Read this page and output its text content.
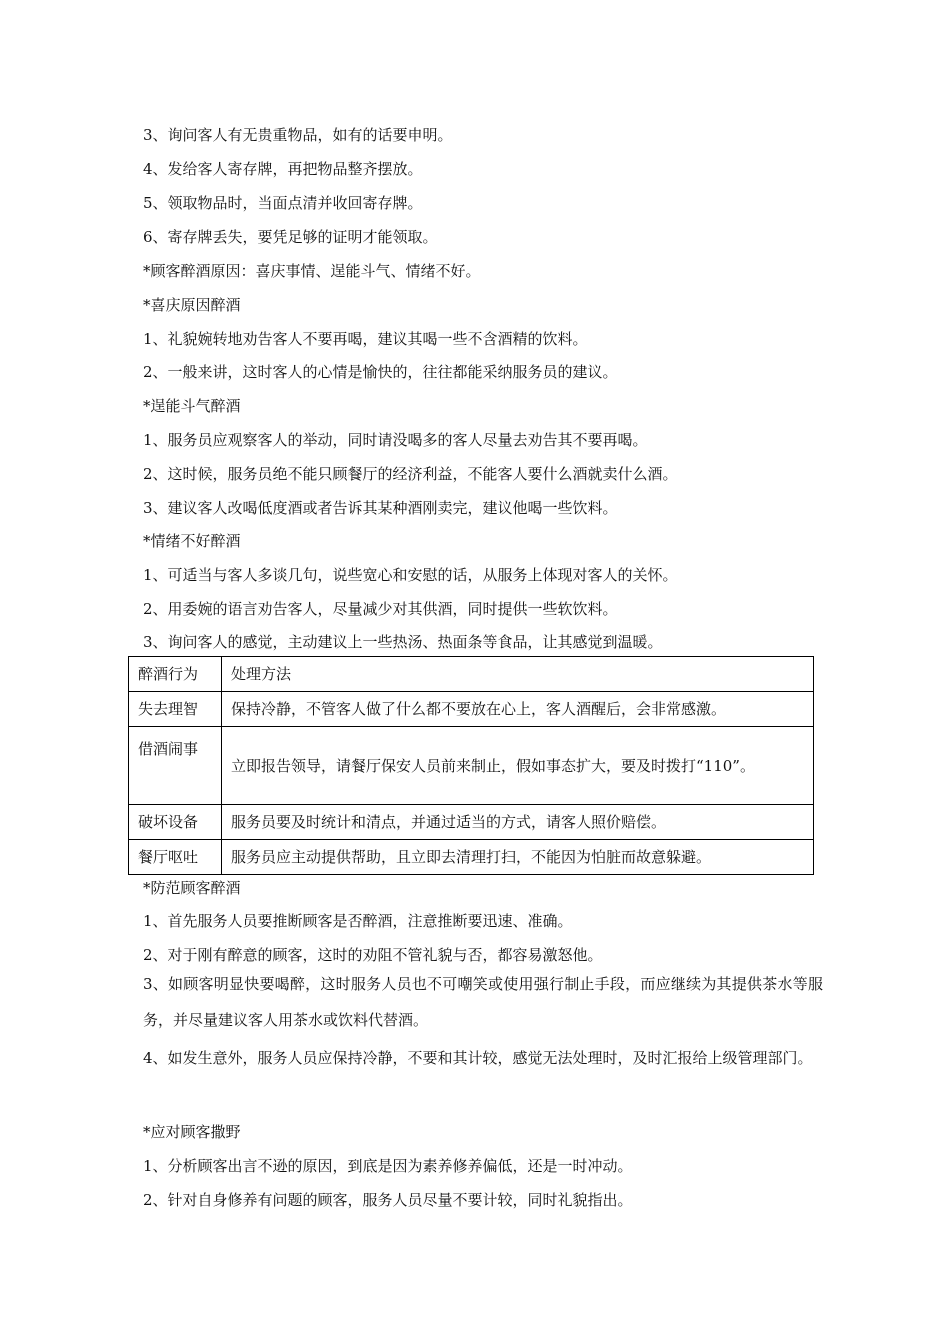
3、询问客人有无贵重物品，如有的话要申明。
4、发给客人寄存牌，再把物品整齐摆放。
5、领取物品时，当面点清并收回寄存牌。
6、寄存牌丢失，要凭足够的证明才能领取。
*顾客醉酒原因：喜庆事情、逞能斗气、情绪不好。
*喜庆原因醉酒
1、礼貌婉转地劝告客人不要再喝，建议其喝一些不含酒精的饮料。
2、一般来讲，这时客人的心情是愉快的，往往都能采纳服务员的建议。
*逞能斗气醉酒
1、服务员应观察客人的举动，同时请没喝多的客人尽量去劝告其不要再喝。
2、这时候，服务员绝不能只顾餐厅的经济利益，不能客人要什么酒就卖什么酒。
3、建议客人改喝低度酒或者告诉其某种酒刚卖完，建议他喝一些饮料。
*情绪不好醉酒
1、可适当与客人多谈几句，说些宽心和安慰的话，从服务上体现对客人的关怀。
2、用委婉的语言劝告客人，尽量减少对其供酒，同时提供一些软饮料。
3、询问客人的感觉，主动建议上一些热汤、热面条等食品，让其感觉到温暖。
醉酒行为	处理方法
失去理智	保持冷静，不管客人做了什么都不要放在心上，客人酒醒后，会非常感激。
借酒闹事	立即报告领导，请餐厅保安人员前来制止，假如事态扩大，要及时拨打“110”。
破坏设备	服务员要及时统计和清点，并通过适当的方式，请客人照价赔偿。
餐厅呕吐	服务员应主动提供帮助，且立即去清理打扫，不能因为怕脏而故意躲避。
*防范顾客醉酒
1、首先服务人员要推断顾客是否醉酒，注意推断要迅速、准确。
2、对于刚有醉意的顾客，这时的劝阻不管礼貌与否，都容易激怒他。
3、如顾客明显快要喝醉，这时服务人员也不可嘲笑或使用强行制止手段，而应继续为其提供茶水等服务，并尽量建议客人用茶水或饮料代替酒。
4、如发生意外，服务人员应保持冷静，不要和其计较，感觉无法处理时，及时汇报给上级管理部门。
*应对顾客撒野
1、分析顾客出言不逊的原因，到底是因为素养修养偏低，还是一时冲动。
2、针对自身修养有问题的顾客，服务人员尽量不要计较，同时礼貌指出。
